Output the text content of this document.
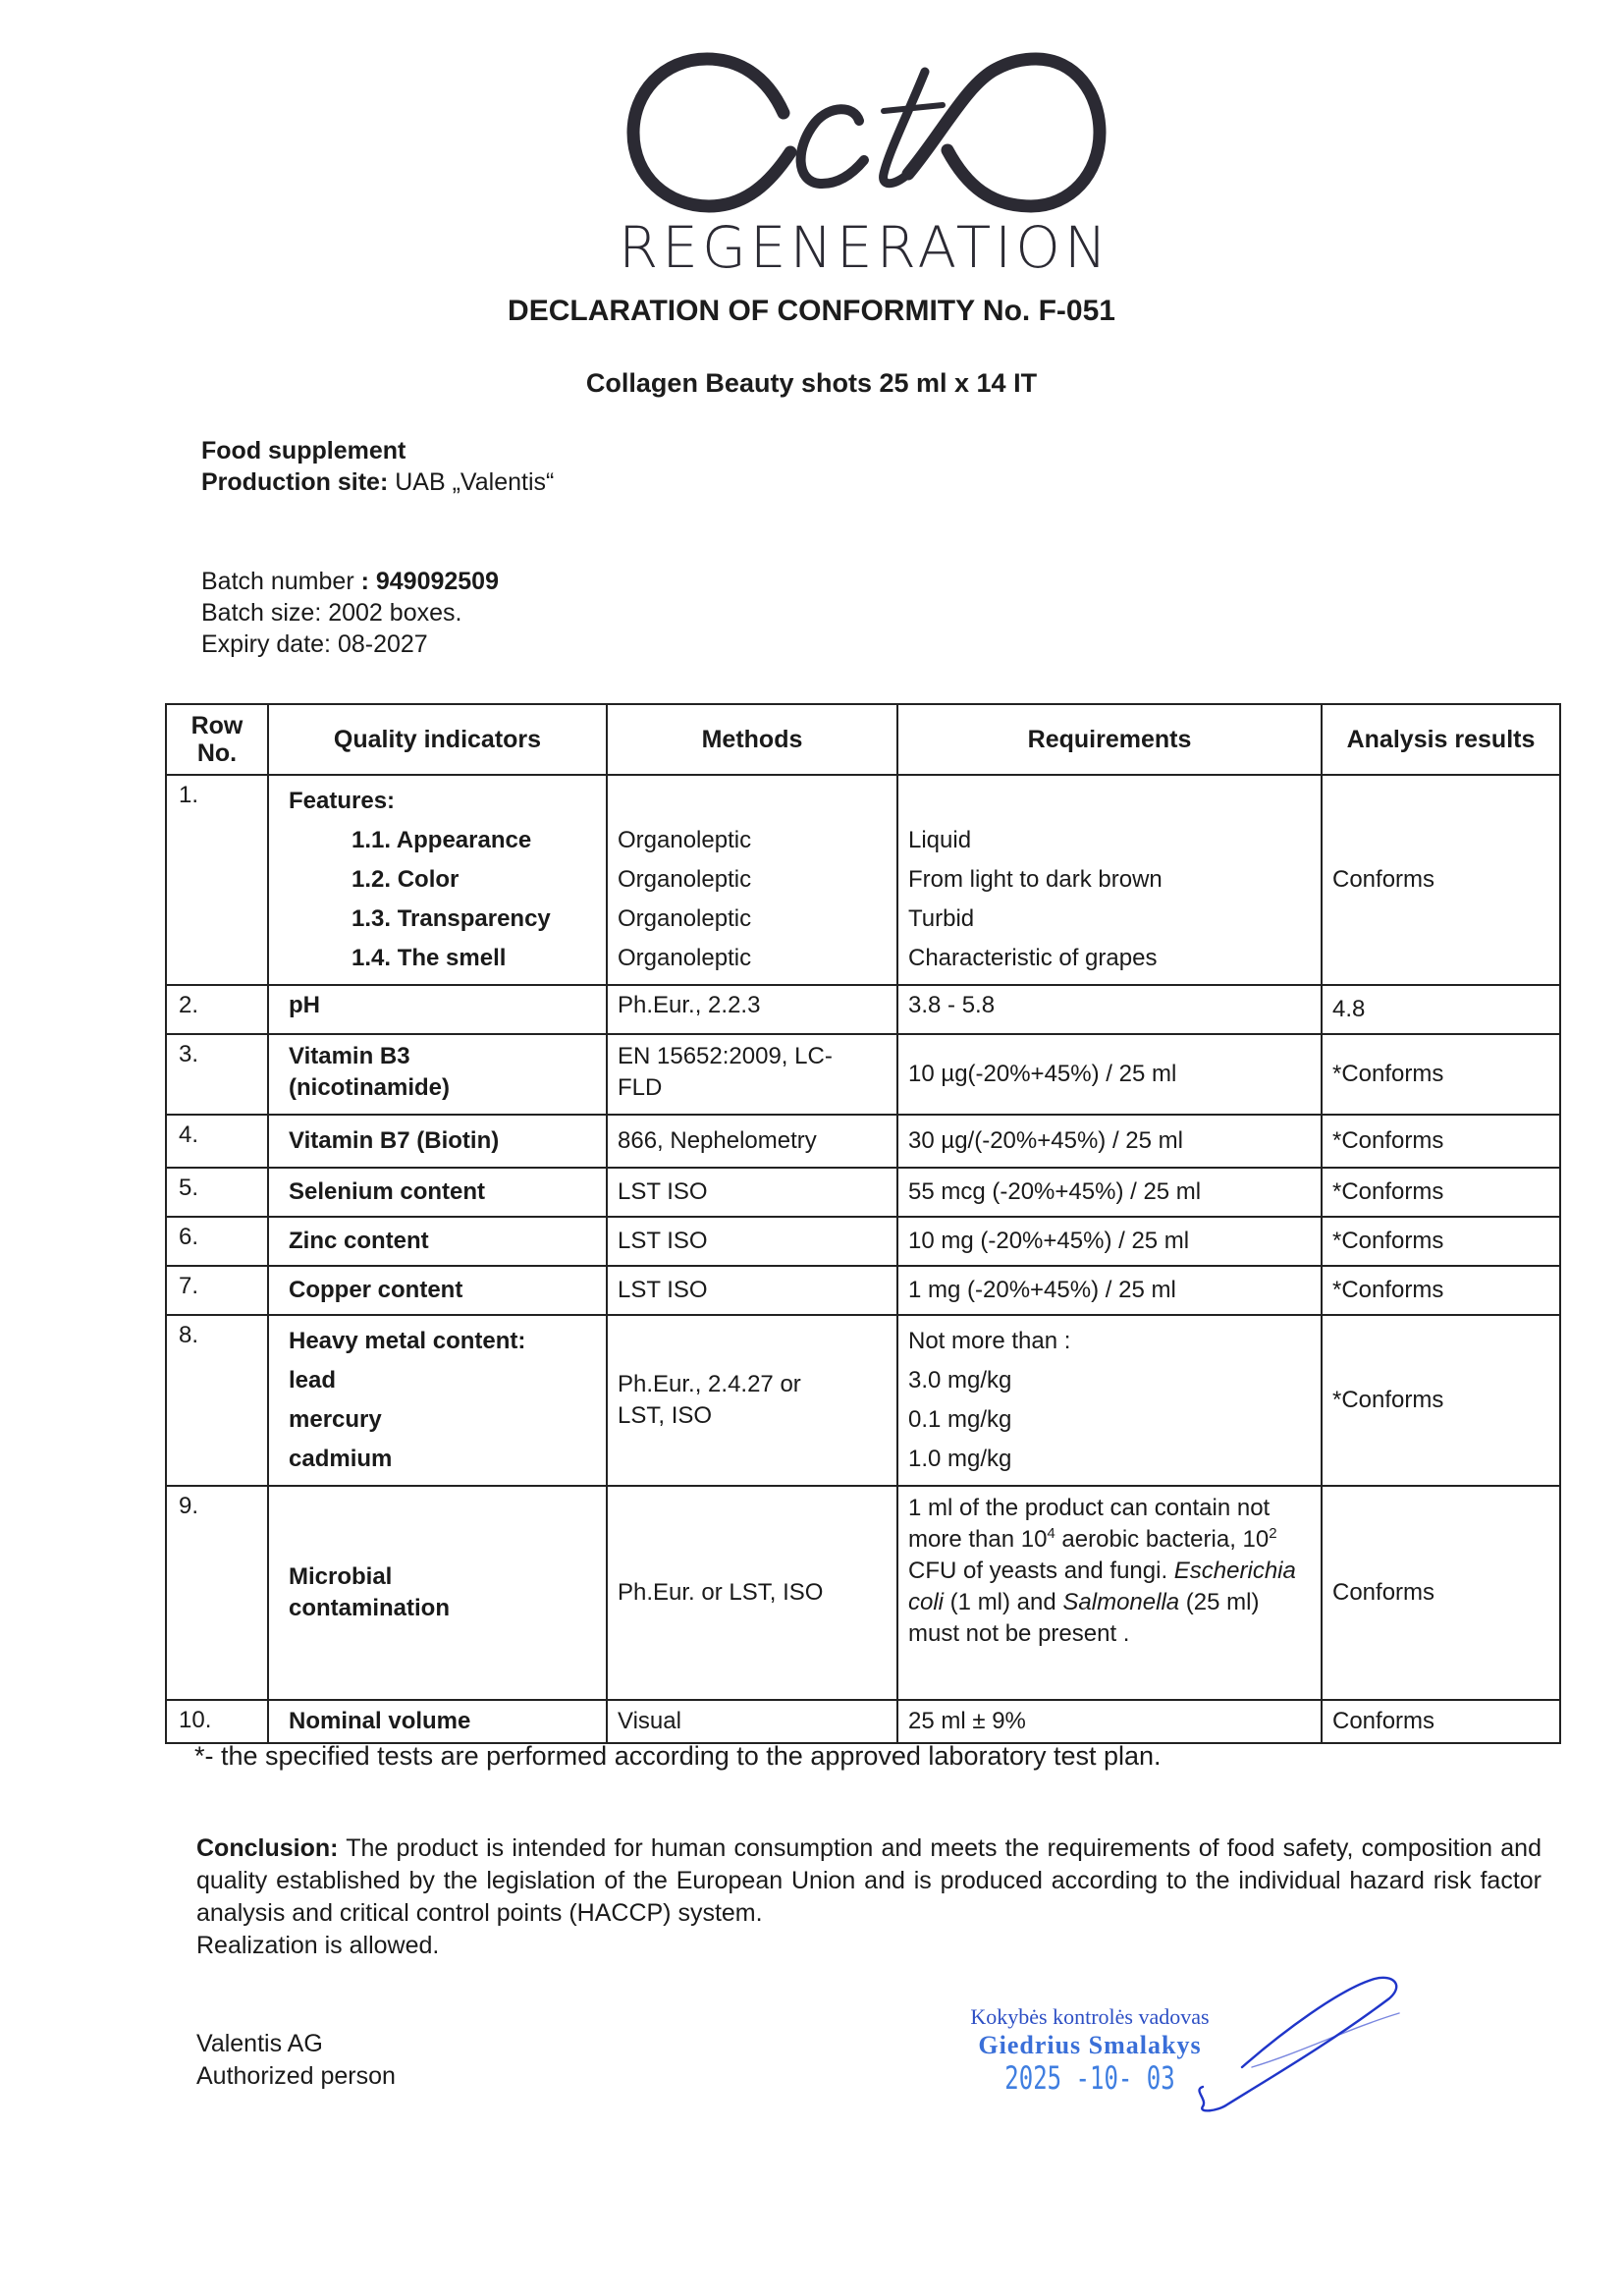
REGENERATION
DECLARATION OF CONFORMITY No. F-051
Collagen Beauty shots 25 ml x 14 IT
Food supplement
Production site: UAB „Valentis“
Batch number : 949092509
Batch size: 2002 boxes.
Expiry date: 08-2027
Row No.	Quality indicators	Methods	Requirements	Analysis results
1.	Features:
1.1. Appearance
1.2. Color
1.3. Transparency
1.4. The smell	Organoleptic
Organoleptic
Organoleptic
Organoleptic	Liquid
From light to dark brown
Turbid
Characteristic of grapes	Conforms
2.	pH	Ph.Eur., 2.2.3	3.8 - 5.8	4.8
3.	Vitamin B3
(nicotinamide)	EN 15652:2009, LC-
FLD	10 µg(-20%+45%) / 25 ml	*Conforms
4.	Vitamin B7 (Biotin)	866, Nephelometry	30 µg/(-20%+45%) / 25 ml	*Conforms
5.	Selenium content	LST ISO	55 mcg (-20%+45%) / 25 ml	*Conforms
6.	Zinc content	LST ISO	10 mg (-20%+45%) / 25 ml	*Conforms
7.	Copper content	LST ISO	1 mg (-20%+45%) / 25 ml	*Conforms
8.	Heavy metal content:
lead
mercury
cadmium	Ph.Eur., 2.4.27 or
LST, ISO	Not more than :
3.0 mg/kg
0.1 mg/kg
1.0 mg/kg	*Conforms
9.	Microbial
contamination	Ph.Eur. or LST, ISO	1 ml of the product can contain not more than $10^4$ aerobic bacteria, $10^2$ CFU of yeasts and fungi. Escherichia coli (1 ml) and Salmonella (25 ml) must not be present .	Conforms
10.	Nominal volume	Visual	25 ml ± 9%	Conforms
*- the specified tests are performed according to the approved laboratory test plan.
Conclusion: The product is intended for human consumption and meets the requirements of food safety, composition and quality established by the legislation of the European Union and is produced according to the individual hazard risk factor analysis and critical control points (HACCP) system.
Realization is allowed.
Valentis AG
Authorized person
Kokybės kontrolės vadovas
Giedrius Smalakys
2025 -10- 03
